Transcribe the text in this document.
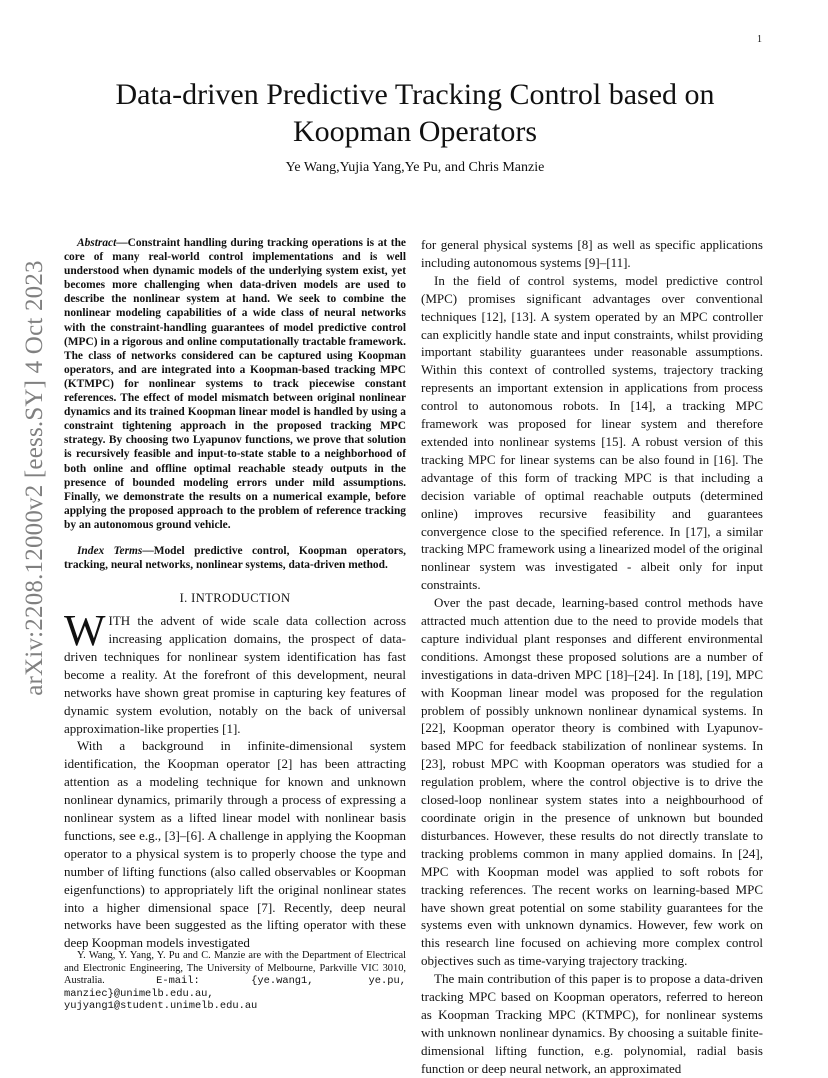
1
arXiv:2208.12000v2 [eess.SY] 4 Oct 2023
Data-driven Predictive Tracking Control based on Koopman Operators
Ye Wang,Yujia Yang,Ye Pu, and Chris Manzie

Abstract—Constraint handling during tracking operations is at the core of many real-world control implementations and is well understood when dynamic models of the underlying system exist, yet becomes more challenging when data-driven models are used to describe the nonlinear system at hand. We seek to combine the nonlinear modeling capabilities of a wide class of neural networks with the constraint-handling guarantees of model predictive control (MPC) in a rigorous and online computationally tractable framework. The class of networks considered can be captured using Koopman operators, and are integrated into a Koopman-based tracking MPC (KTMPC) for nonlinear systems to track piecewise constant references. The effect of model mismatch between original nonlinear dynamics and its trained Koopman linear model is handled by using a constraint tightening approach in the proposed tracking MPC strategy. By choosing two Lyapunov functions, we prove that solution is recursively feasible and input-to-state stable to a neighborhood of both online and offline optimal reachable steady outputs in the presence of bounded modeling errors under mild assumptions. Finally, we demonstrate the results on a numerical example, before applying the proposed approach to the problem of reference tracking by an autonomous ground vehicle.

Index Terms—Model predictive control, Koopman operators, tracking, neural networks, nonlinear systems, data-driven method.

I. INTRODUCTION

WITH the advent of wide scale data collection across increasing application domains, the prospect of data-driven techniques for nonlinear system identification has fast become a reality. At the forefront of this development, neural networks have shown great promise in capturing key features of dynamic system evolution, notably on the back of universal approximation-like properties [1].

With a background in infinite-dimensional system identification, the Koopman operator [2] has been attracting attention as a modeling technique for known and unknown nonlinear dynamics, primarily through a process of expressing a nonlinear system as a lifted linear model with nonlinear basis functions, see e.g., [3]–[6]. A challenge in applying the Koopman operator to a physical system is to properly choose the type and number of lifting functions (also called observables or Koopman eigenfunctions) to appropriately lift the original nonlinear states into a higher dimensional space [7]. Recently, deep neural networks have been suggested as the lifting operator with these deep Koopman models investigated

for general physical systems [8] as well as specific applications including autonomous systems [9]–[11].

In the field of control systems, model predictive control (MPC) promises significant advantages over conventional techniques [12], [13]. A system operated by an MPC controller can explicitly handle state and input constraints, whilst providing important stability guarantees under reasonable assumptions. Within this context of controlled systems, trajectory tracking represents an important extension in applications from process control to autonomous robots. In [14], a tracking MPC framework was proposed for linear system and therefore extended into nonlinear systems [15]. A robust version of this tracking MPC for linear systems can be also found in [16]. The advantage of this form of tracking MPC is that including a decision variable of optimal reachable outputs (determined online) improves recursive feasibility and guarantees convergence close to the specified reference. In [17], a similar tracking MPC framework using a linearized model of the original nonlinear system was investigated - albeit only for input constraints.

Over the past decade, learning-based control methods have attracted much attention due to the need to provide models that capture individual plant responses and different environmental conditions. Amongst these proposed solutions are a number of investigations in data-driven MPC [18]–[24]. In [18], [19], MPC with Koopman linear model was proposed for the regulation problem of possibly unknown nonlinear dynamical systems. In [22], Koopman operator theory is combined with Lyapunov-based MPC for feedback stabilization of nonlinear systems. In [23], robust MPC with Koopman operators was studied for a regulation problem, where the control objective is to drive the closed-loop nonlinear system states into a neighbourhood of coordinate origin in the presence of unknown but bounded disturbances. However, these results do not directly translate to tracking problems common in many applied domains. In [24], MPC with Koopman model was applied to soft robots for tracking references. The recent works on learning-based MPC have shown great potential on some stability guarantees for the systems even with unknown dynamics. However, few work on this research line focused on achieving more complex control objectives such as time-varying trajectory tracking.

The main contribution of this paper is to propose a data-driven tracking MPC based on Koopman operators, referred to hereon as Koopman Tracking MPC (KTMPC), for nonlinear systems with unknown nonlinear dynamics. By choosing a suitable finite-dimensional lifting function, e.g. polynomial, radial basis function or deep neural network, an approximated

Y. Wang, Y. Yang, Y. Pu and C. Manzie are with the Department of Electrical and Electronic Engineering, The University of Melbourne, Parkville VIC 3010, Australia.	E-mail:	{ye.wang1, ye.pu, manziec}@unimelb.edu.au, yujyang1@student.unimelb.edu.au
